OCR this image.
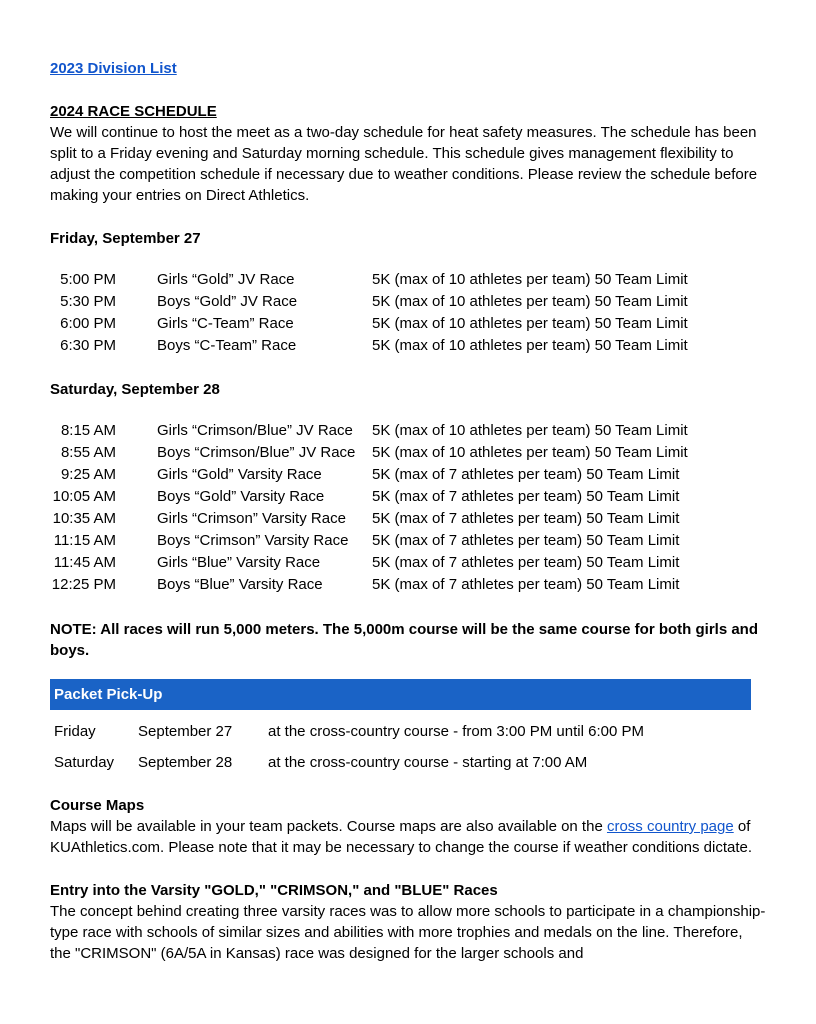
2023 Division List
2024 RACE SCHEDULE

We will continue to host the meet as a two-day schedule for heat safety measures. The schedule has been split to a Friday evening and Saturday morning schedule. This schedule gives management flexibility to adjust the competition schedule if necessary due to weather conditions. Please review the schedule before making your entries on Direct Athletics.

Friday, September 27
5:00 PM	Girls “Gold” JV Race	5K (max of 10 athletes per team) 50 Team Limit
5:30 PM	Boys “Gold” JV Race	5K (max of 10 athletes per team) 50 Team Limit
6:00 PM	Girls “C-Team” Race	5K (max of 10 athletes per team) 50 Team Limit
6:30 PM	Boys “C-Team” Race	5K (max of 10 athletes per team) 50 Team Limit
Saturday, September 28
8:15 AM	Girls “Crimson/Blue” JV Race	5K (max of 10 athletes per team) 50 Team Limit
8:55 AM	Boys “Crimson/Blue” JV Race	5K (max of 10 athletes per team) 50 Team Limit
9:25 AM	Girls “Gold” Varsity Race	5K (max of 7 athletes per team) 50 Team Limit
10:05 AM	Boys “Gold” Varsity Race	5K (max of 7 athletes per team) 50 Team Limit
10:35 AM	Girls “Crimson” Varsity Race	5K (max of 7 athletes per team) 50 Team Limit
11:15 AM	Boys “Crimson” Varsity Race	5K (max of 7 athletes per team) 50 Team Limit
11:45 AM	Girls “Blue” Varsity Race	5K (max of 7 athletes per team) 50 Team Limit
12:25 PM	Boys “Blue” Varsity Race	5K (max of 7 athletes per team) 50 Team Limit
NOTE: All races will run 5,000 meters. The 5,000m course will be the same course for both girls and boys.
Packet Pick-Up
Friday	September 27	at the cross-country course - from 3:00 PM until 6:00 PM
Saturday	September 28	at the cross-country course - starting at 7:00 AM
Course Maps

Maps will be available in your team packets. Course maps are also available on the cross country page of KUAthletics.com. Please note that it may be necessary to change the course if weather conditions dictate.

Entry into the Varsity "GOLD," "CRIMSON," and "BLUE" Races

The concept behind creating three varsity races was to allow more schools to participate in a championship-type race with schools of similar sizes and abilities with more trophies and medals on the line. Therefore, the "CRIMSON" (6A/5A in Kansas) race was designed for the larger schools and
